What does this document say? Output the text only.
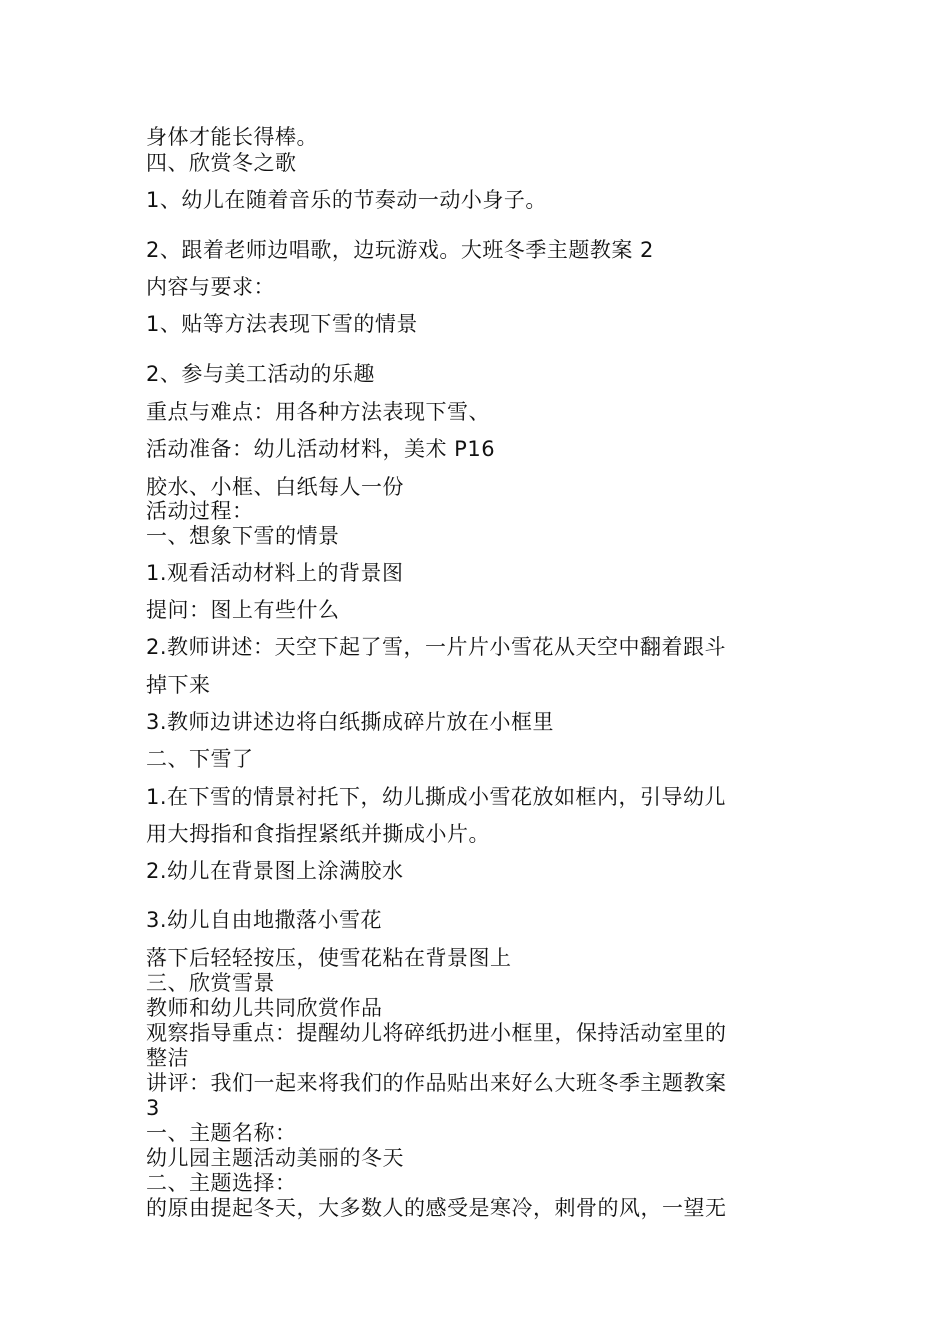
身体才能长得棒。
四、欣赏冬之歌
1、幼儿在随着音乐的节奏动一动小身子。
2、跟着老师边唱歌，边玩游戏。大班冬季主题教案 2
内容与要求：
1、贴等方法表现下雪的情景
2、参与美工活动的乐趣
重点与难点：用各种方法表现下雪、
活动准备：幼儿活动材料，美术 P16
胶水、小框、白纸每人一份
活动过程：
一、想象下雪的情景
1.观看活动材料上的背景图
提问：图上有些什么
2.教师讲述：天空下起了雪，一片片小雪花从天空中翻着跟斗
掉下来
3.教师边讲述边将白纸撕成碎片放在小框里
二、下雪了
1.在下雪的情景衬托下，幼儿撕成小雪花放如框内，引导幼儿
用大拇指和食指捏紧纸并撕成小片。
2.幼儿在背景图上涂满胶水
3.幼儿自由地撒落小雪花
落下后轻轻按压，使雪花粘在背景图上
三、欣赏雪景
教师和幼儿共同欣赏作品
观察指导重点：提醒幼儿将碎纸扔进小框里，保持活动室里的
整洁
讲评：我们一起来将我们的作品贴出来好么大班冬季主题教案
3
一、主题名称：
幼儿园主题活动美丽的冬天
二、主题选择：
的原由提起冬天，大多数人的感受是寒冷，刺骨的风，一望无
